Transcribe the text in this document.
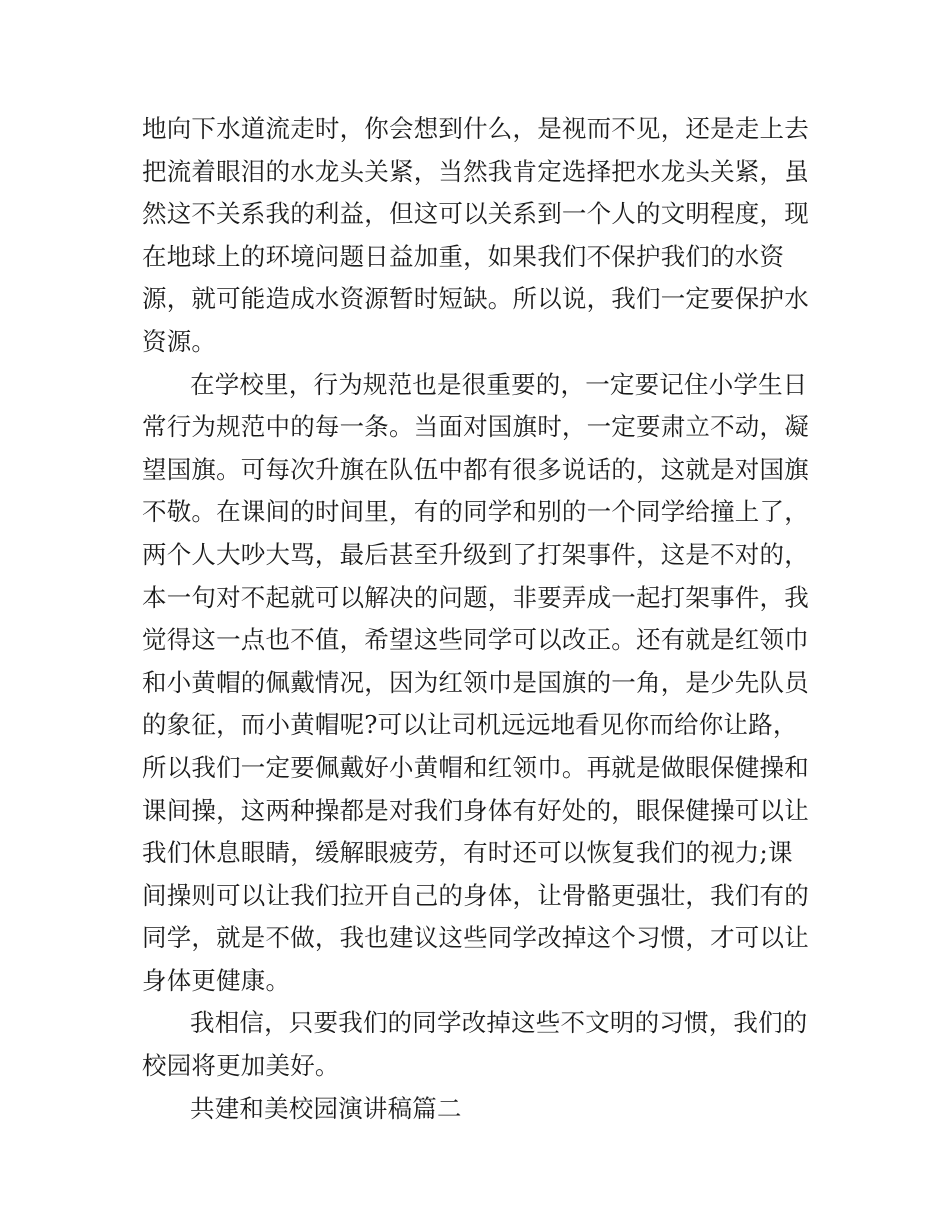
地向下水道流走时，你会想到什么，是视而不见，还是走上去
把流着眼泪的水龙头关紧，当然我肯定选择把水龙头关紧，虽
然这不关系我的利益，但这可以关系到一个人的文明程度，现
在地球上的环境问题日益加重，如果我们不保护我们的水资
源，就可能造成水资源暂时短缺。所以说，我们一定要保护水
资源。
在学校里，行为规范也是很重要的，一定要记住小学生日
常行为规范中的每一条。当面对国旗时，一定要肃立不动，凝
望国旗。可每次升旗在队伍中都有很多说话的，这就是对国旗
不敬。在课间的时间里，有的同学和别的一个同学给撞上了，
两个人大吵大骂，最后甚至升级到了打架事件，这是不对的，
本一句对不起就可以解决的问题，非要弄成一起打架事件，我
觉得这一点也不值，希望这些同学可以改正。还有就是红领巾
和小黄帽的佩戴情况，因为红领巾是国旗的一角，是少先队员
的象征，而小黄帽呢?可以让司机远远地看见你而给你让路，
所以我们一定要佩戴好小黄帽和红领巾。再就是做眼保健操和
课间操，这两种操都是对我们身体有好处的，眼保健操可以让
我们休息眼睛，缓解眼疲劳，有时还可以恢复我们的视力;课
间操则可以让我们拉开自己的身体，让骨骼更强壮，我们有的
同学，就是不做，我也建议这些同学改掉这个习惯，才可以让
身体更健康。
我相信，只要我们的同学改掉这些不文明的习惯，我们的
校园将更加美好。
共建和美校园演讲稿篇二
